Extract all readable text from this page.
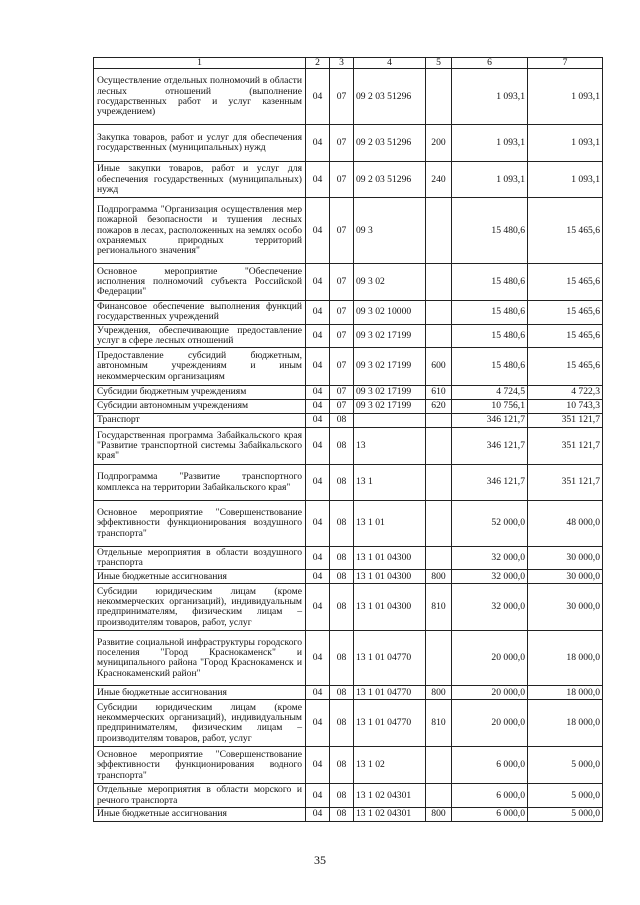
1	2	3	4	5	6	7
Осуществление отдельных полномочий в области лесных отношений (выполнение государственных работ и услуг казенным учреждением)	04	07	09 2 03 51296		1 093,1	1 093,1
Закупка товаров, работ и услуг для обеспечения государственных (муниципальных) нужд	04	07	09 2 03 51296	200	1 093,1	1 093,1
Иные закупки товаров, работ и услуг для обеспечения государственных (муниципальных) нужд	04	07	09 2 03 51296	240	1 093,1	1 093,1
Подпрограмма "Организация осуществления мер пожарной безопасности и тушения лесных пожаров в лесах, расположенных на землях особо охраняемых природных территорий регионального значения"	04	07	09 3		15 480,6	15 465,6
Основное мероприятие "Обеспечение исполнения полномочий субъекта Российской Федерации"	04	07	09 3 02		15 480,6	15 465,6
Финансовое обеспечение выполнения функций государственных учреждений	04	07	09 3 02 10000		15 480,6	15 465,6
Учреждения, обеспечивающие предоставление услуг в сфере лесных отношений	04	07	09 3 02 17199		15 480,6	15 465,6
Предоставление субсидий бюджетным, автономным учреждениям и иным некоммерческим организациям	04	07	09 3 02 17199	600	15 480,6	15 465,6
Субсидии бюджетным учреждениям	04	07	09 3 02 17199	610	4 724,5	4 722,3
Субсидии автономным учреждениям	04	07	09 3 02 17199	620	10 756,1	10 743,3
Транспорт	04	08			346 121,7	351 121,7
Государственная программа Забайкальского края "Развитие транспортной системы Забайкальского края"	04	08	13		346 121,7	351 121,7
Подпрограмма "Развитие транспортного комплекса на территории Забайкальского края"	04	08	13 1		346 121,7	351 121,7
Основное мероприятие "Совершенствование эффективности функционирования воздушного транспорта"	04	08	13 1 01		52 000,0	48 000,0
Отдельные мероприятия в области воздушного транспорта	04	08	13 1 01 04300		32 000,0	30 000,0
Иные бюджетные ассигнования	04	08	13 1 01 04300	800	32 000,0	30 000,0
Субсидии юридическим лицам (кроме некоммерческих организаций), индивидуальным предпринимателям, физическим лицам – производителям товаров, работ, услуг	04	08	13 1 01 04300	810	32 000,0	30 000,0
Развитие социальной инфраструктуры городского поселения "Город Краснокаменск" и муниципального района "Город Краснокаменск и Краснокаменский район"	04	08	13 1 01 04770		20 000,0	18 000,0
Иные бюджетные ассигнования	04	08	13 1 01 04770	800	20 000,0	18 000,0
Субсидии юридическим лицам (кроме некоммерческих организаций), индивидуальным предпринимателям, физическим лицам – производителям товаров, работ, услуг	04	08	13 1 01 04770	810	20 000,0	18 000,0
Основное мероприятие "Совершенствование эффективности функционирования водного транспорта"	04	08	13 1 02		6 000,0	5 000,0
Отдельные мероприятия в области морского и речного транспорта	04	08	13 1 02 04301		6 000,0	5 000,0
Иные бюджетные ассигнования	04	08	13 1 02 04301	800	6 000,0	5 000,0
35
